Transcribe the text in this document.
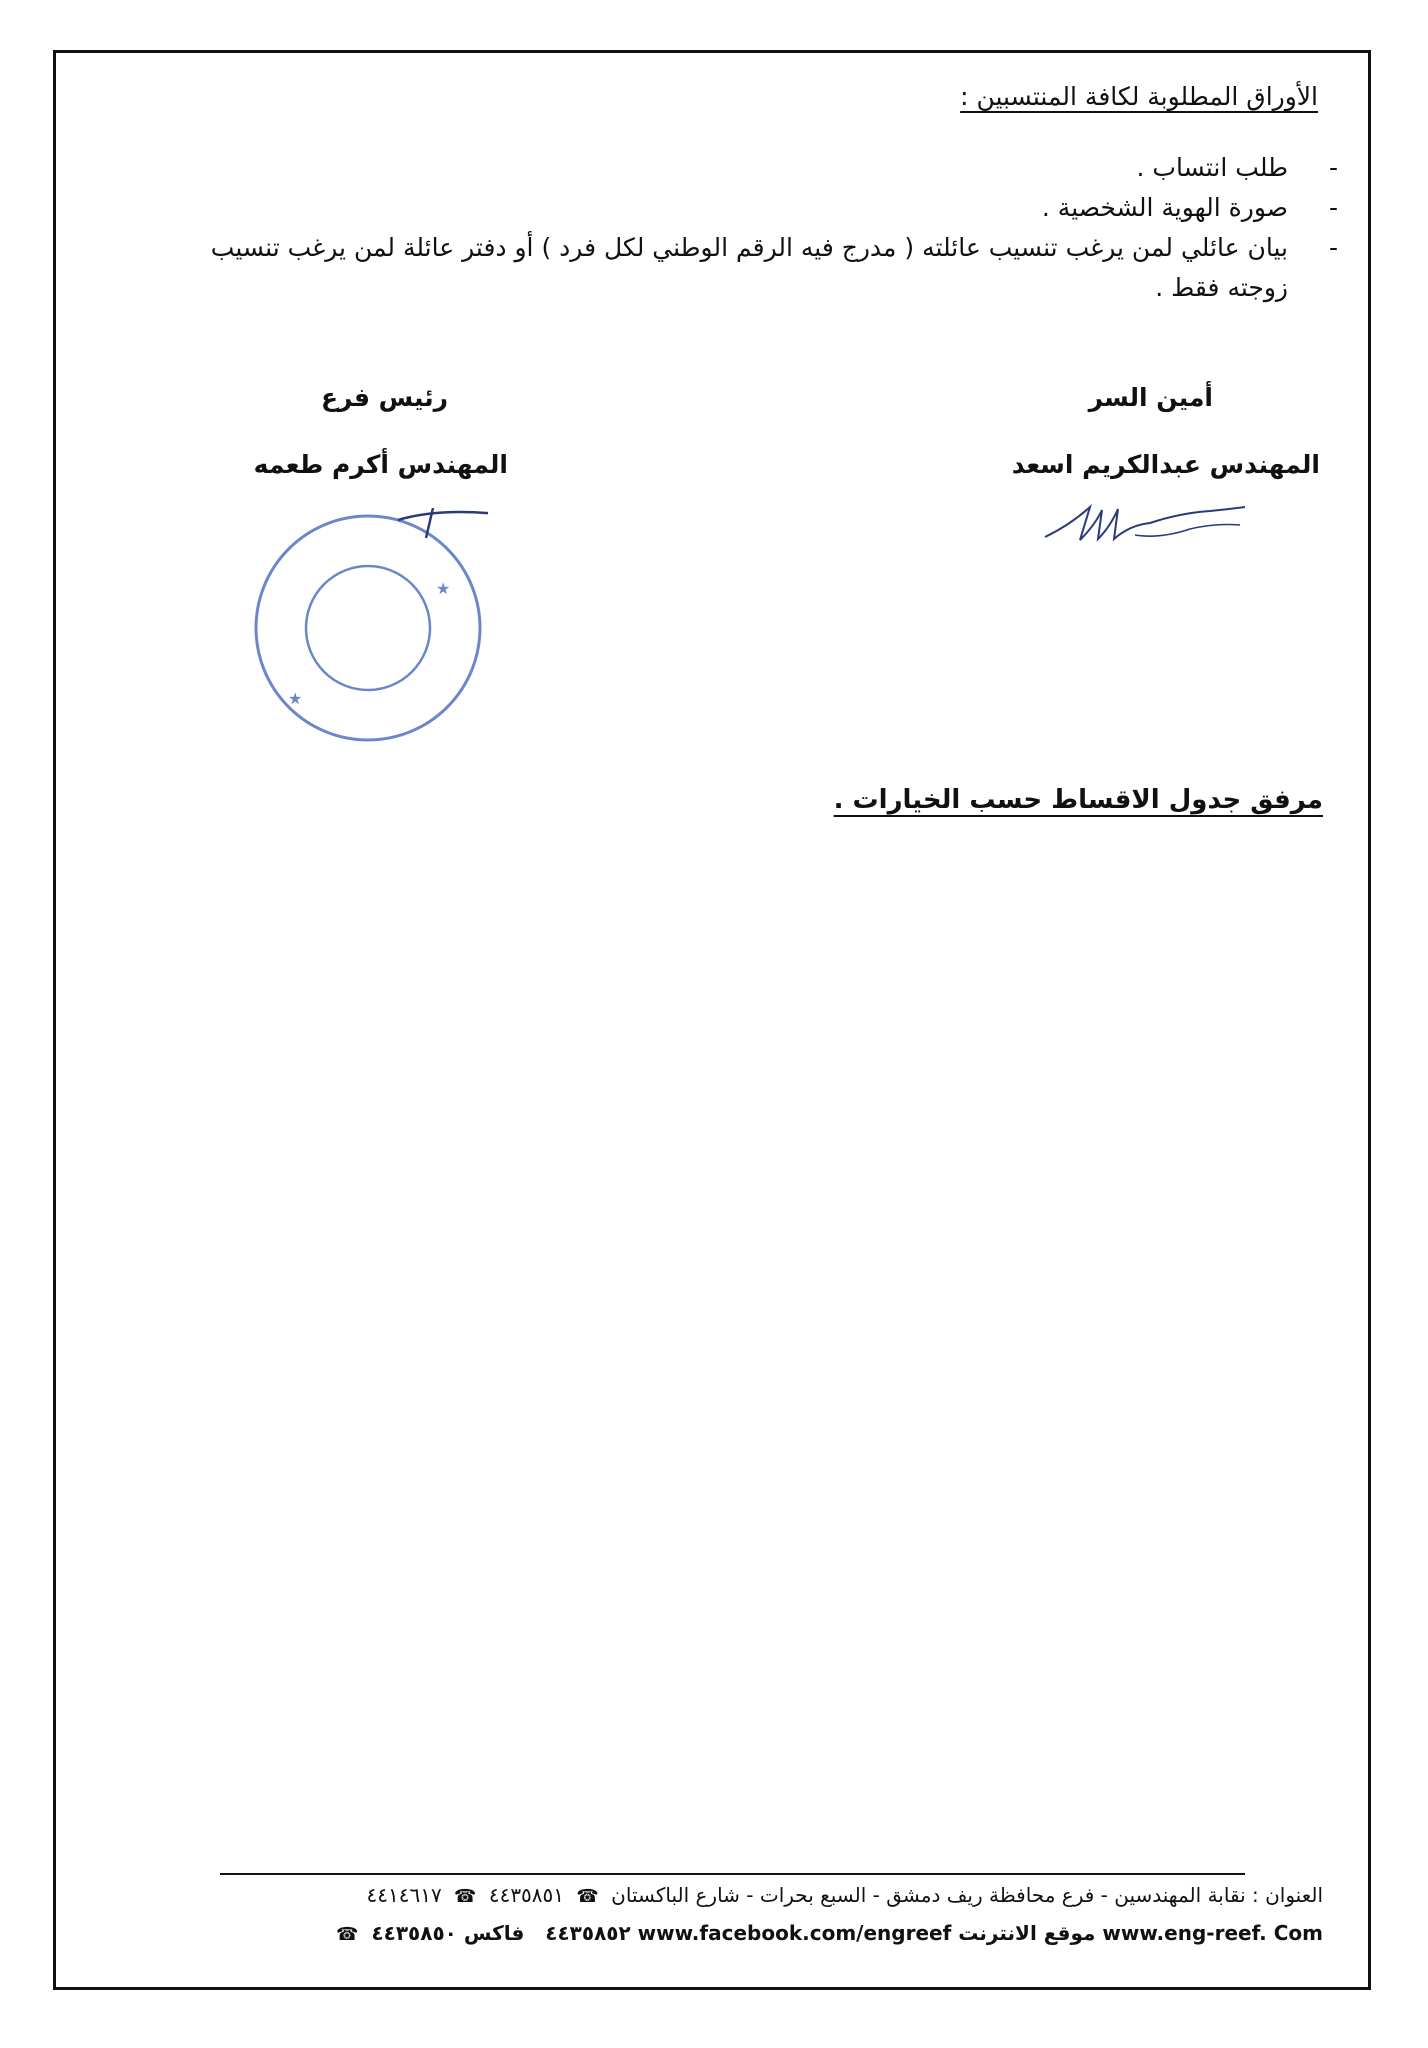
الأوراق المطلوبة لكافة المنتسبين :
-
طلب انتساب .
-
صورة الهوية الشخصية .
-
بيان عائلي لمن يرغب تنسيب عائلته ( مدرج فيه الرقم الوطني لكل فرد ) أو دفتر عائلة لمن يرغب تنسيب زوجته فقط .
أمين السر
المهندس عبدالكريم اسعد
رئيس فرع
المهندس أكرم طعمه
★
★
مرفق جدول الاقساط حسب الخيارات .
العنوان : نقابة المهندسين - فرع محافظة ريف دمشق - السبع بحرات - شارع الباكستان ☎ ٤٤٣٥٨٥١ ☎ ٤٤١٤٦١٧
www.eng-reef. Com موقع الانترنت www.facebook.com/engreef ٤٤٣٥٨٥٢   فاكس ٤٤٣٥٨٥٠ ☎
